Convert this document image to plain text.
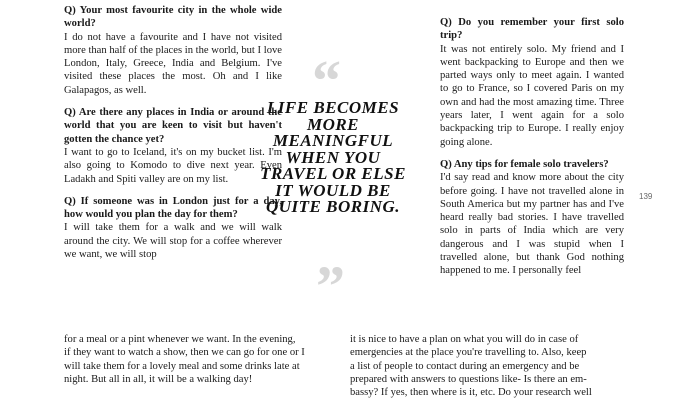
“
LIFE BECOMES MORE MEANINGFUL WHEN YOU TRAVEL OR ELSE IT WOULD BE QUITE BORING.
”

Q) Your most favourite city in the whole wide world?
I do not have a favourite and I have not visited more than half of the places in the world, but I love London, Italy, Greece, India and Belgium. I've visited these places the most. Oh and I like Galapagos, as well.

Q) Are there any places in India or around the world that you are keen to visit but haven't gotten the chance yet?
I want to go to Iceland, it's on my bucket list. I'm also going to Komodo to dive next year. Even Ladakh and Spiti valley are on my list.

Q) If someone was in London just for a day, how would you plan the day for them?
I will take them for a walk and we will walk around the city. We will stop for a coffee wherever we want, we will stop

Q) Do you remember your first solo trip?
It was not entirely solo. My friend and I went backpacking to Europe and then we parted ways only to meet again. I wanted to go to France, so I covered Paris on my own and had the most amazing time. Three years later, I went again for a solo backpacking trip to Europe. I really enjoy going alone.

Q) Any tips for female solo travelers?
I'd say read and know more about the city before going. I have not travelled alone in South America but my partner has and I've heard really bad stories. I have travelled solo in parts of India which are very dangerous and I was stupid when I travelled alone, but thank God nothing happened to me. I personally feel

for a meal or a pint whenever we want. In the evening,
if they want to watch a show, then we can go for one or I
will take them for a lovely meal and some drinks late at
night. But all in all, it will be a walking day!
it is nice to have a plan on what you will do in case of
emergencies at the place you're travelling to. Also, keep
a list of people to contact during an emergency and be
prepared with answers to questions like- Is there an em-
bassy? If yes, then where is it, etc. Do your research well
139
